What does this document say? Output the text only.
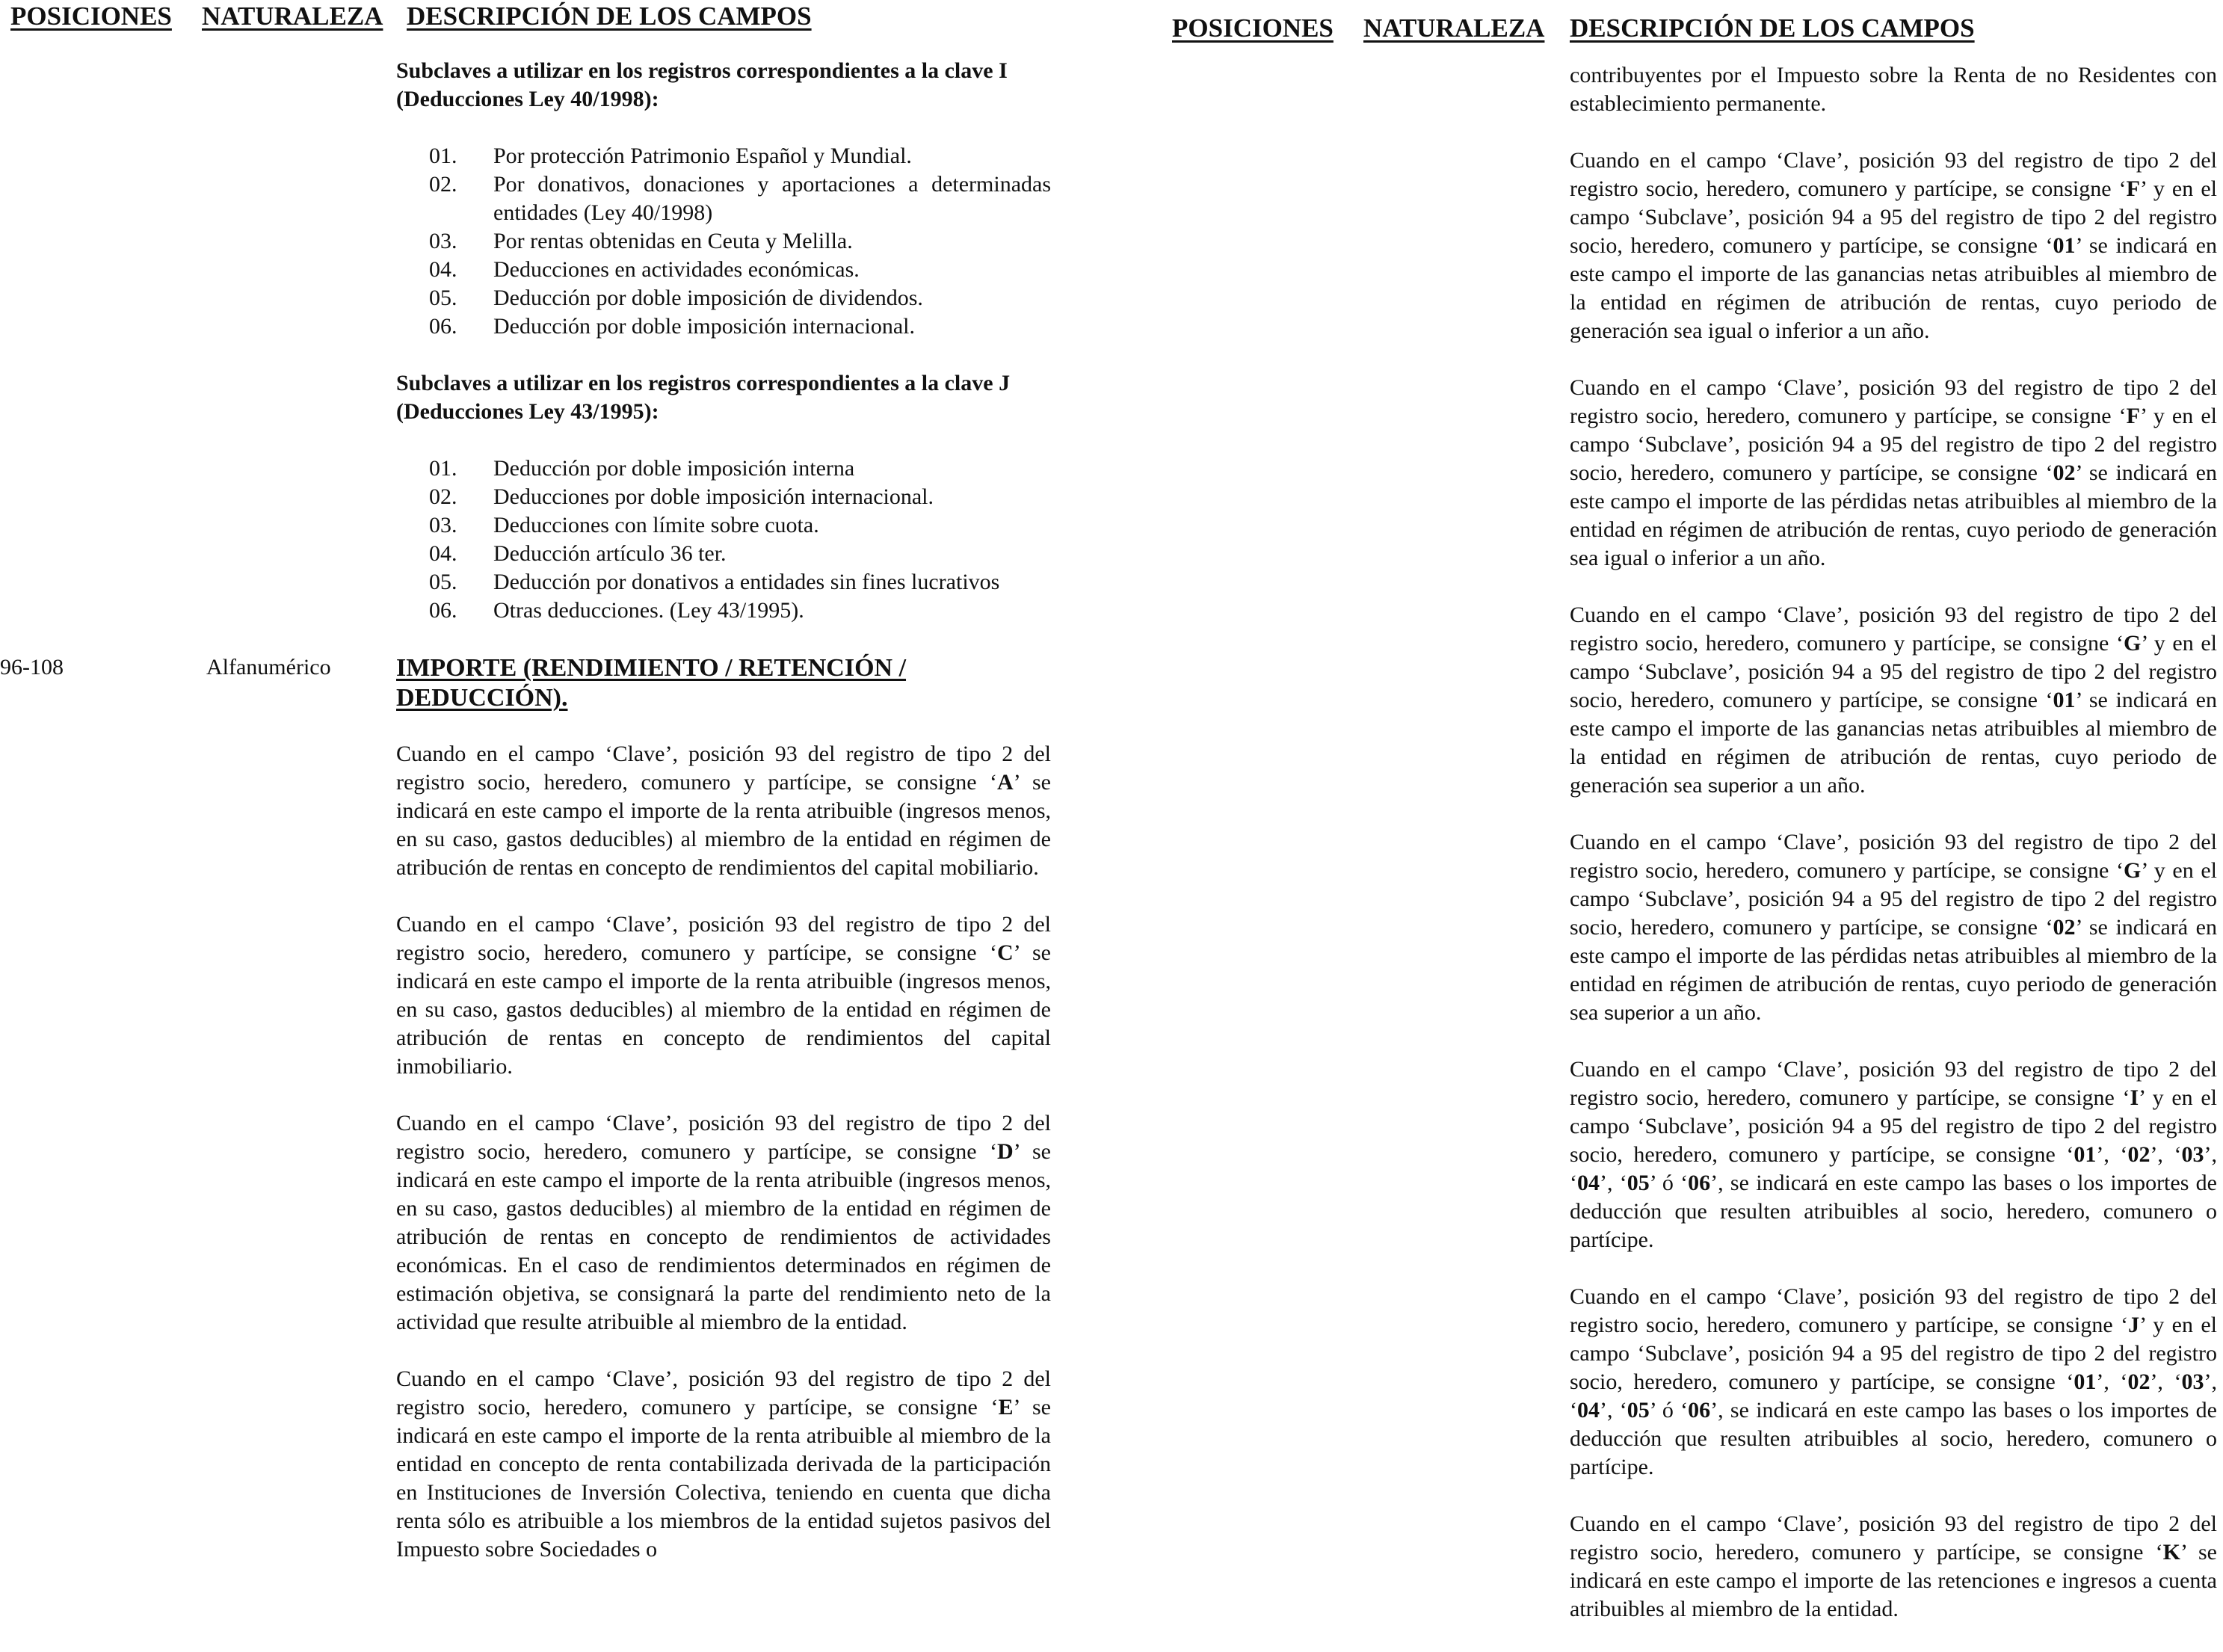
POSICIONES NATURALEZA DESCRIPCIÓN DE LOS CAMPOS
Subclaves a utilizar en los registros correspondientes a la clave I
(Deducciones Ley 40/1998):
01. Por protección Patrimonio Español y Mundial.
02. Por donativos, donaciones y aportaciones a determinadas entidades (Ley 40/1998)
03. Por rentas obtenidas en Ceuta y Melilla.
04. Deducciones en actividades económicas.
05. Deducción por doble imposición de dividendos.
06. Deducción por doble imposición internacional.
Subclaves a utilizar en los registros correspondientes a la clave J
(Deducciones Ley 43/1995):
01. Deducción por doble imposición interna
02. Deducciones por doble imposición internacional.
03. Deducciones con límite sobre cuota.
04. Deducción artículo 36 ter.
05. Deducción por donativos a entidades sin fines lucrativos
06. Otras deducciones. (Ley 43/1995).
96-108	Alfanumérico	IMPORTE (RENDIMIENTO / RETENCIÓN / DEDUCCIÓN).

Cuando en el campo ‘Clave’, posición 93 del registro de tipo 2 del registro socio, heredero, comunero y partícipe, se consigne ‘A’ se indicará en este campo el importe de la renta atribuible (ingresos menos, en su caso, gastos deducibles) al miembro de la entidad en régimen de atribución de rentas en concepto de rendimientos del capital mobiliario.

Cuando en el campo ‘Clave’, posición 93 del registro de tipo 2 del registro socio, heredero, comunero y partícipe, se consigne ‘C’ se indicará en este campo el importe de la renta atribuible (ingresos menos, en su caso, gastos deducibles) al miembro de la entidad en régimen de atribución de rentas en concepto de rendimientos del capital inmobiliario.

Cuando en el campo ‘Clave’, posición 93 del registro de tipo 2 del registro socio, heredero, comunero y partícipe, se consigne ‘D’ se indicará en este campo el importe de la renta atribuible (ingresos menos, en su caso, gastos deducibles) al miembro de la entidad en régimen de atribución de rentas en concepto de rendimientos de actividades económicas. En el caso de rendimientos determinados en régimen de estimación objetiva, se consignará la parte del rendimiento neto de la actividad que resulte atribuible al miembro de la entidad.

Cuando en el campo ‘Clave’, posición 93 del registro de tipo 2 del registro socio, heredero, comunero y partícipe, se consigne ‘E’ se indicará en este campo el importe de la renta atribuible al miembro de la entidad en concepto de renta contabilizada derivada de la participación en Instituciones de Inversión Colectiva, teniendo en cuenta que dicha renta sólo es atribuible a los miembros de la entidad sujetos pasivos del Impuesto sobre Sociedades o

POSICIONES NATURALEZA DESCRIPCIÓN DE LOS CAMPOS

contribuyentes por el Impuesto sobre la Renta de no Residentes con establecimiento permanente.

Cuando en el campo ‘Clave’, posición 93 del registro de tipo 2 del registro socio, heredero, comunero y partícipe, se consigne ‘F’ y en el campo ‘Subclave’, posición 94 a 95 del registro de tipo 2 del registro socio, heredero, comunero y partícipe, se consigne ‘01’ se indicará en este campo el importe de las ganancias netas atribuibles al miembro de la entidad en régimen de atribución de rentas, cuyo periodo de generación sea igual o inferior a un año.

Cuando en el campo ‘Clave’, posición 93 del registro de tipo 2 del registro socio, heredero, comunero y partícipe, se consigne ‘F’ y en el campo ‘Subclave’, posición 94 a 95 del registro de tipo 2 del registro socio, heredero, comunero y partícipe, se consigne ‘02’ se indicará en este campo el importe de las pérdidas netas atribuibles al miembro de la entidad en régimen de atribución de rentas, cuyo periodo de generación sea igual o inferior a un año.

Cuando en el campo ‘Clave’, posición 93 del registro de tipo 2 del registro socio, heredero, comunero y partícipe, se consigne ‘G’ y en el campo ‘Subclave’, posición 94 a 95 del registro de tipo 2 del registro socio, heredero, comunero y partícipe, se consigne ‘01’ se indicará en este campo el importe de las ganancias netas atribuibles al miembro de la entidad en régimen de atribución de rentas, cuyo periodo de generación sea superior a un año.

Cuando en el campo ‘Clave’, posición 93 del registro de tipo 2 del registro socio, heredero, comunero y partícipe, se consigne ‘G’ y en el campo ‘Subclave’, posición 94 a 95 del registro de tipo 2 del registro socio, heredero, comunero y partícipe, se consigne ‘02’ se indicará en este campo el importe de las pérdidas netas atribuibles al miembro de la entidad en régimen de atribución de rentas, cuyo periodo de generación sea superior a un año.

Cuando en el campo ‘Clave’, posición 93 del registro de tipo 2 del registro socio, heredero, comunero y partícipe, se consigne ‘I’ y en el campo ‘Subclave’, posición 94 a 95 del registro de tipo 2 del registro socio, heredero, comunero y partícipe, se consigne ‘01’, ‘02’, ‘03’, ‘04’, ‘05’ ó ‘06’, se indicará en este campo las bases o los importes de deducción que resulten atribuibles al socio, heredero, comunero o partícipe.

Cuando en el campo ‘Clave’, posición 93 del registro de tipo 2 del registro socio, heredero, comunero y partícipe, se consigne ‘J’ y en el campo ‘Subclave’, posición 94 a 95 del registro de tipo 2 del registro socio, heredero, comunero y partícipe, se consigne ‘01’, ‘02’, ‘03’, ‘04’, ‘05’ ó ‘06’, se indicará en este campo las bases o los importes de deducción que resulten atribuibles al socio, heredero, comunero o partícipe.

Cuando en el campo ‘Clave’, posición 93 del registro de tipo 2 del registro socio, heredero, comunero y partícipe, se consigne ‘K’ se indicará en este campo el importe de las retenciones e ingresos a cuenta atribuibles al miembro de la entidad.
